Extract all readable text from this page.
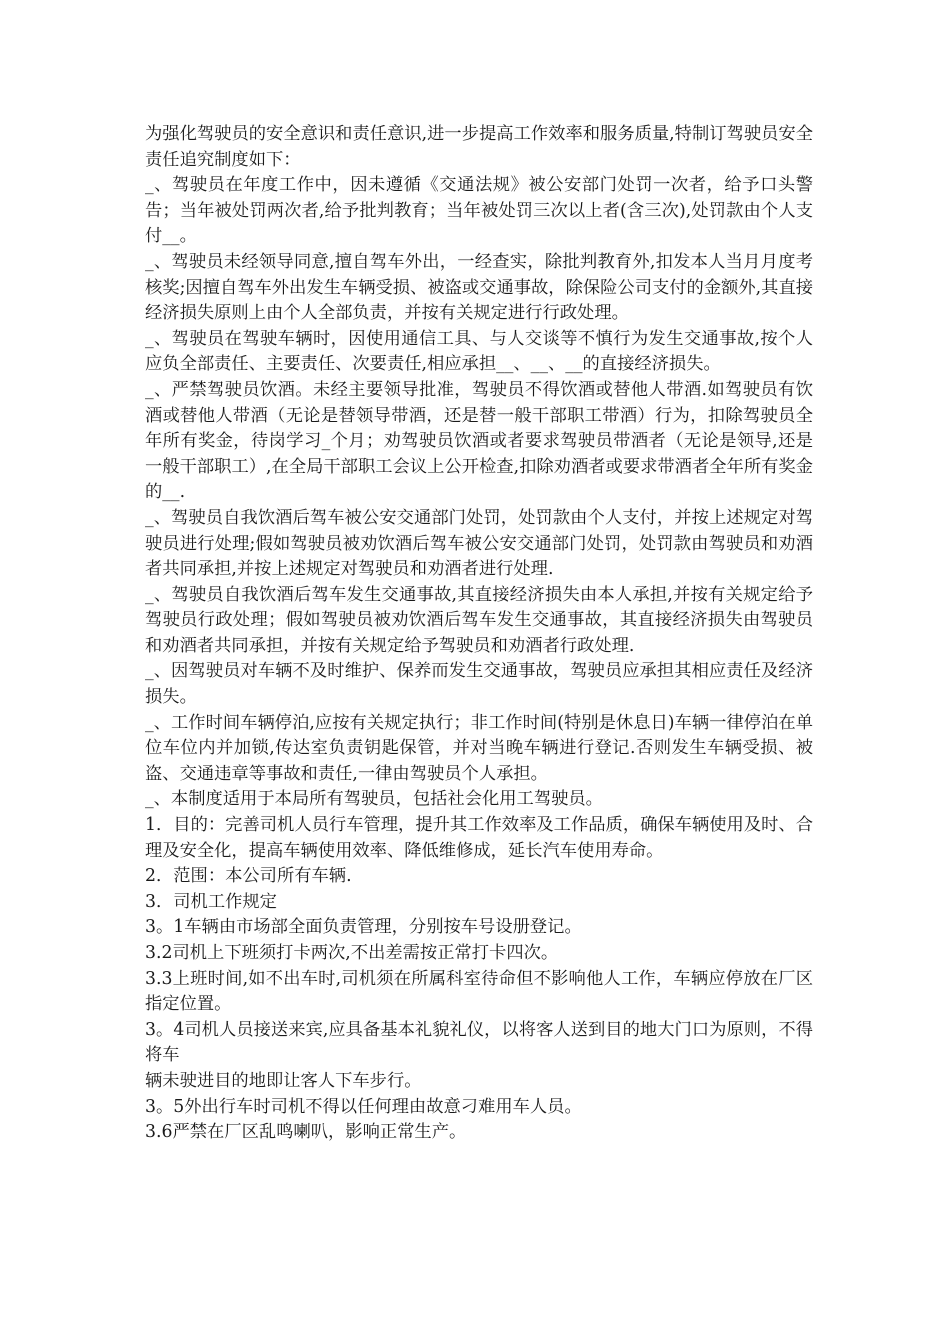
为强化驾驶员的安全意识和责任意识,进一步提高工作效率和服务质量,特制订驾驶员安全责任追究制度如下：

_、驾驶员在年度工作中，因未遵循《交通法规》被公安部门处罚一次者，给予口头警告；当年被处罚两次者,给予批判教育；当年被处罚三次以上者(含三次),处罚款由个人支付__。

_、驾驶员未经领导同意,擅自驾车外出，一经查实，除批判教育外,扣发本人当月月度考核奖;因擅自驾车外出发生车辆受损、被盗或交通事故，除保险公司支付的金额外,其直接经济损失原则上由个人全部负责，并按有关规定进行行政处理。

_、驾驶员在驾驶车辆时，因使用通信工具、与人交谈等不慎行为发生交通事故,按个人应负全部责任、主要责任、次要责任,相应承担__、__、__的直接经济损失。

_、严禁驾驶员饮酒。未经主要领导批准，驾驶员不得饮酒或替他人带酒.如驾驶员有饮酒或替他人带酒（无论是替领导带酒，还是替一般干部职工带酒）行为，扣除驾驶员全年所有奖金，待岗学习_个月；劝驾驶员饮酒或者要求驾驶员带酒者（无论是领导,还是一般干部职工）,在全局干部职工会议上公开检查,扣除劝酒者或要求带酒者全年所有奖金的__.

_、驾驶员自我饮酒后驾车被公安交通部门处罚，处罚款由个人支付，并按上述规定对驾驶员进行处理;假如驾驶员被劝饮酒后驾车被公安交通部门处罚，处罚款由驾驶员和劝酒者共同承担,并按上述规定对驾驶员和劝酒者进行处理.

_、驾驶员自我饮酒后驾车发生交通事故,其直接经济损失由本人承担,并按有关规定给予驾驶员行政处理；假如驾驶员被劝饮酒后驾车发生交通事故，其直接经济损失由驾驶员和劝酒者共同承担，并按有关规定给予驾驶员和劝酒者行政处理.

_、因驾驶员对车辆不及时维护、保养而发生交通事故，驾驶员应承担其相应责任及经济损失。

_、工作时间车辆停泊,应按有关规定执行；非工作时间(特别是休息日)车辆一律停泊在单位车位内并加锁,传达室负责钥匙保管，并对当晚车辆进行登记.否则发生车辆受损、被盗、交通违章等事故和责任,一律由驾驶员个人承担。

_、本制度适用于本局所有驾驶员，包括社会化用工驾驶员。

1．目的：完善司机人员行车管理，提升其工作效率及工作品质，确保车辆使用及时、合理及安全化，提高车辆使用效率、降低维修成，延长汽车使用寿命。

2．范围：本公司所有车辆.

3．司机工作规定

3。1车辆由市场部全面负责管理，分别按车号设册登记。

3.2司机上下班须打卡两次,不出差需按正常打卡四次。

3.3上班时间,如不出车时,司机须在所属科室待命但不影响他人工作，车辆应停放在厂区指定位置。

3。4司机人员接送来宾,应具备基本礼貌礼仪，以将客人送到目的地大门口为原则，不得将车

辆未驶进目的地即让客人下车步行。

3。5外出行车时司机不得以任何理由故意刁难用车人员。

3.6严禁在厂区乱鸣喇叭，影响正常生产。
